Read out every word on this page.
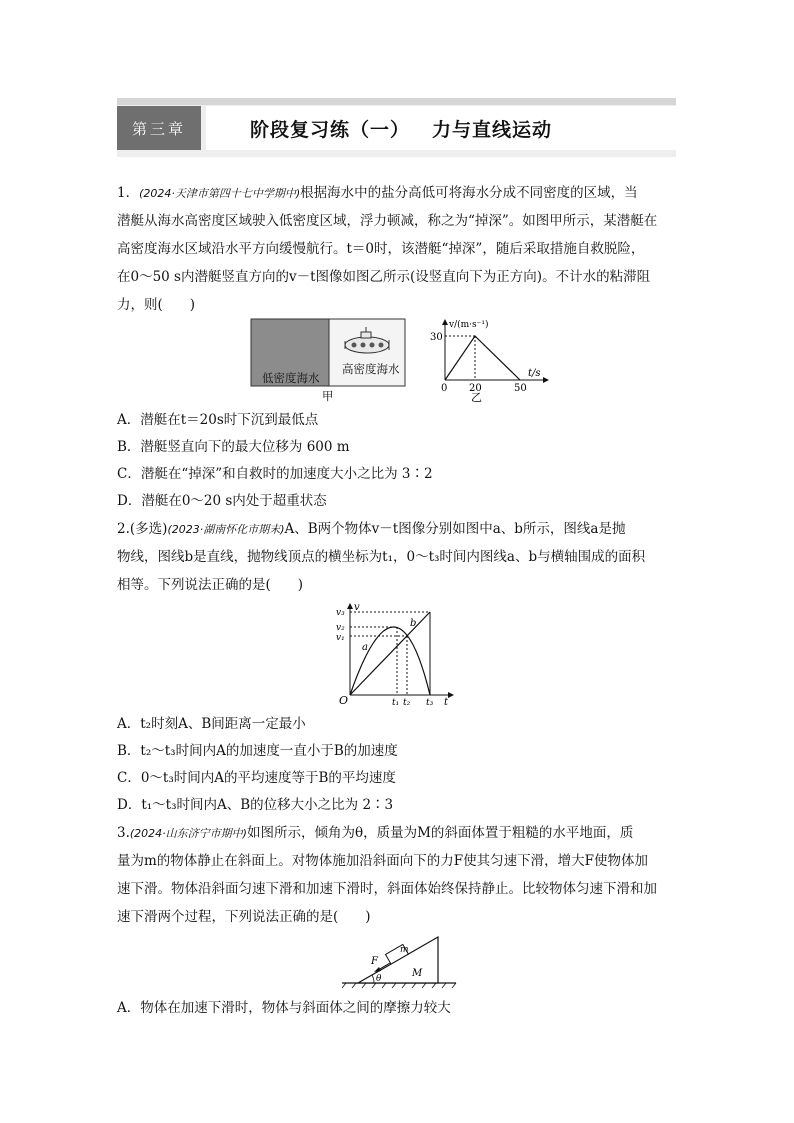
第三章	阶段复习练（一） 力与直线运动
1．(2024·天津市第四十七中学期中)根据海水中的盐分高低可将海水分成不同密度的区域，当
潜艇从海水高密度区域驶入低密度区域，浮力顿减，称之为“掉深”。如图甲所示，某潜艇在
高密度海水区域沿水平方向缓慢航行。t＝0时，该潜艇“掉深”，随后采取措施自救脱险，
在0～50 s内潜艇竖直方向的v－t图像如图乙所示(设竖直向下为正方向)。不计水的粘滞阻
力，则(　　)
低密度海水
高密度海水
甲
v/(m·s⁻¹)
30
0 20	50
t/s
乙
A．潜艇在t＝20s时下沉到最低点
B．潜艇竖直向下的最大位移为 600 m
C．潜艇在“掉深”和自救时的加速度大小之比为 3∶2
D．潜艇在0～20 s内处于超重状态
2.(多选)(2023·湖南怀化市期末)A、B两个物体v－t图像分别如图中a、b所示，图线a是抛
物线，图线b是直线，抛物线顶点的横坐标为t₁，0～t₃时间内图线a、b与横轴围成的面积
相等。下列说法正确的是(　　)
v
v₃
v₂
v₁
O	t₁ t₂ t₃ t
a
b
A．t₂时刻A、B间距离一定最小
B．t₂～t₃时间内A的加速度一直小于B的加速度
C．0～t₃时间内A的平均速度等于B的平均速度
D．t₁～t₃时间内A、B的位移大小之比为 2∶3
3.(2024·山东济宁市期中)如图所示，倾角为θ，质量为M的斜面体置于粗糙的水平地面，质
量为m的物体静止在斜面上。对物体施加沿斜面向下的力F使其匀速下滑，增大F使物体加
速下滑。物体沿斜面匀速下滑和加速下滑时，斜面体始终保持静止。比较物体匀速下滑和加
速下滑两个过程，下列说法正确的是(　　)
F
m
M
θ
A．物体在加速下滑时，物体与斜面体之间的摩擦力较大
